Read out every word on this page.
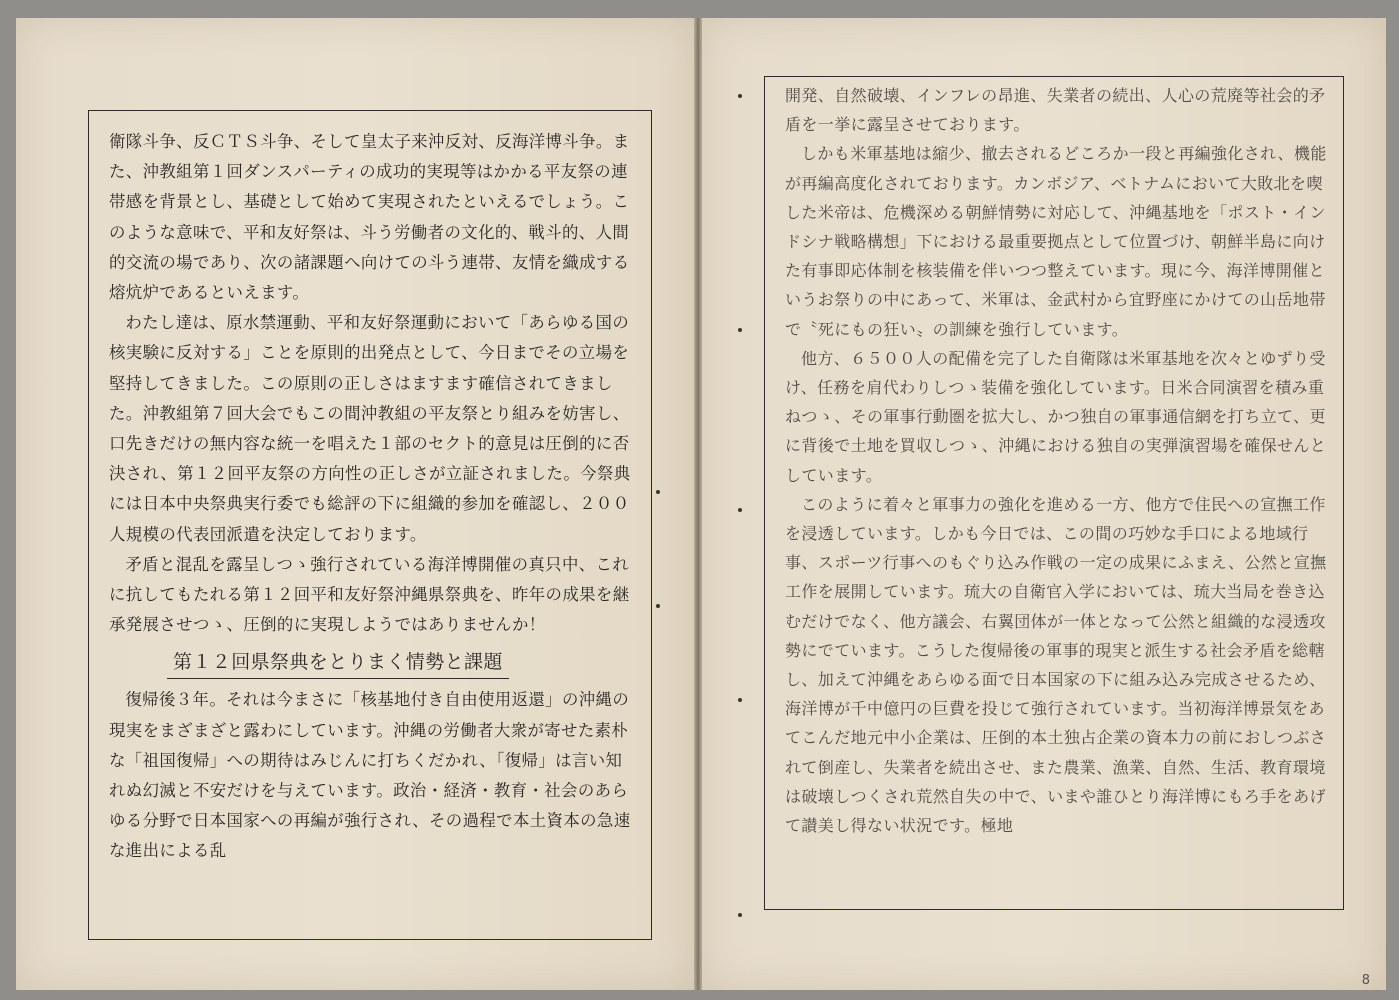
衛隊斗争、反ＣＴＳ斗争、そして皇太子来沖反対、反海洋博斗争。また、沖教組第１回ダンスパーティの成功的実現等はかかる平友祭の連帯感を背景とし、基礎として始めて実現されたといえるでしょう。このような意味で、平和友好祭は、斗う労働者の文化的、戦斗的、人間的交流の場であり、次の諸課題へ向けての斗う連帯、友情を織成する熔炕炉であるといえます。

わたし達は、原水禁運動、平和友好祭運動において「あらゆる国の核実験に反対する」ことを原則的出発点として、今日までその立場を堅持してきました。この原則の正しさはますます確信されてきました。沖教組第７回大会でもこの間沖教組の平友祭とり組みを妨害し、口先きだけの無内容な統一を唱えた１部のセクト的意見は圧倒的に否決され、第１２回平友祭の方向性の正しさが立証されました。今祭典には日本中央祭典実行委でも総評の下に組織的参加を確認し、２００人規模の代表団派遣を決定しております。

矛盾と混乱を露呈しつゝ強行されている海洋博開催の真只中、これに抗してもたれる第１２回平和友好祭沖縄県祭典を、昨年の成果を継承発展させつゝ、圧倒的に実現しようではありませんか！

第１２回県祭典をとりまく情勢と課題

復帰後３年。それは今まさに「核基地付き自由使用返還」の沖縄の現実をまざまざと露わにしています。沖縄の労働者大衆が寄せた素朴な「祖国復帰」への期待はみじんに打ちくだかれ、「復帰」は言い知れぬ幻滅と不安だけを与えています。政治・経済・教育・社会のあらゆる分野で日本国家への再編が強行され、その過程で本土資本の急速な進出による乱

開発、自然破壊、インフレの昂進、失業者の続出、人心の荒廃等社会的矛盾を一挙に露呈させております。

しかも米軍基地は縮少、撤去されるどころか一段と再編強化され、機能が再編高度化されております。カンボジア、ベトナムにおいて大敗北を喫した米帝は、危機深める朝鮮情勢に対応して、沖縄基地を「ポスト・インドシナ戦略構想」下における最重要拠点として位置づけ、朝鮮半島に向けた有事即応体制を核装備を伴いつつ整えています。現に今、海洋博開催というお祭りの中にあって、米軍は、金武村から宜野座にかけての山岳地帯で〝死にもの狂い〟の訓練を強行しています。

他方、６５００人の配備を完了した自衛隊は米軍基地を次々とゆずり受け、任務を肩代わりしつゝ装備を強化しています。日米合同演習を積み重ねつゝ、その軍事行動圏を拡大し、かつ独自の軍事通信網を打ち立て、更に背後で土地を買収しつゝ、沖縄における独自の実弾演習場を確保せんとしています。

このように着々と軍事力の強化を進める一方、他方で住民への宣撫工作を浸透しています。しかも今日では、この間の巧妙な手口による地域行事、スポーツ行事へのもぐり込み作戦の一定の成果にふまえ、公然と宣撫工作を展開しています。琉大の自衛官入学においては、琉大当局を巻き込むだけでなく、他方議会、右翼団体が一体となって公然と組織的な浸透攻勢にでています。こうした復帰後の軍事的現実と派生する社会矛盾を総轄し、加えて沖縄をあらゆる面で日本国家の下に組み込み完成させるため、海洋博が千中億円の巨費を投じて強行されています。当初海洋博景気をあてこんだ地元中小企業は、圧倒的本土独占企業の資本力の前におしつぶされて倒産し、失業者を続出させ、また農業、漁業、自然、生活、教育環境は破壊しつくされ荒然自失の中で、いまや誰ひとり海洋博にもろ手をあげて讃美し得ない状況です。極地

8
